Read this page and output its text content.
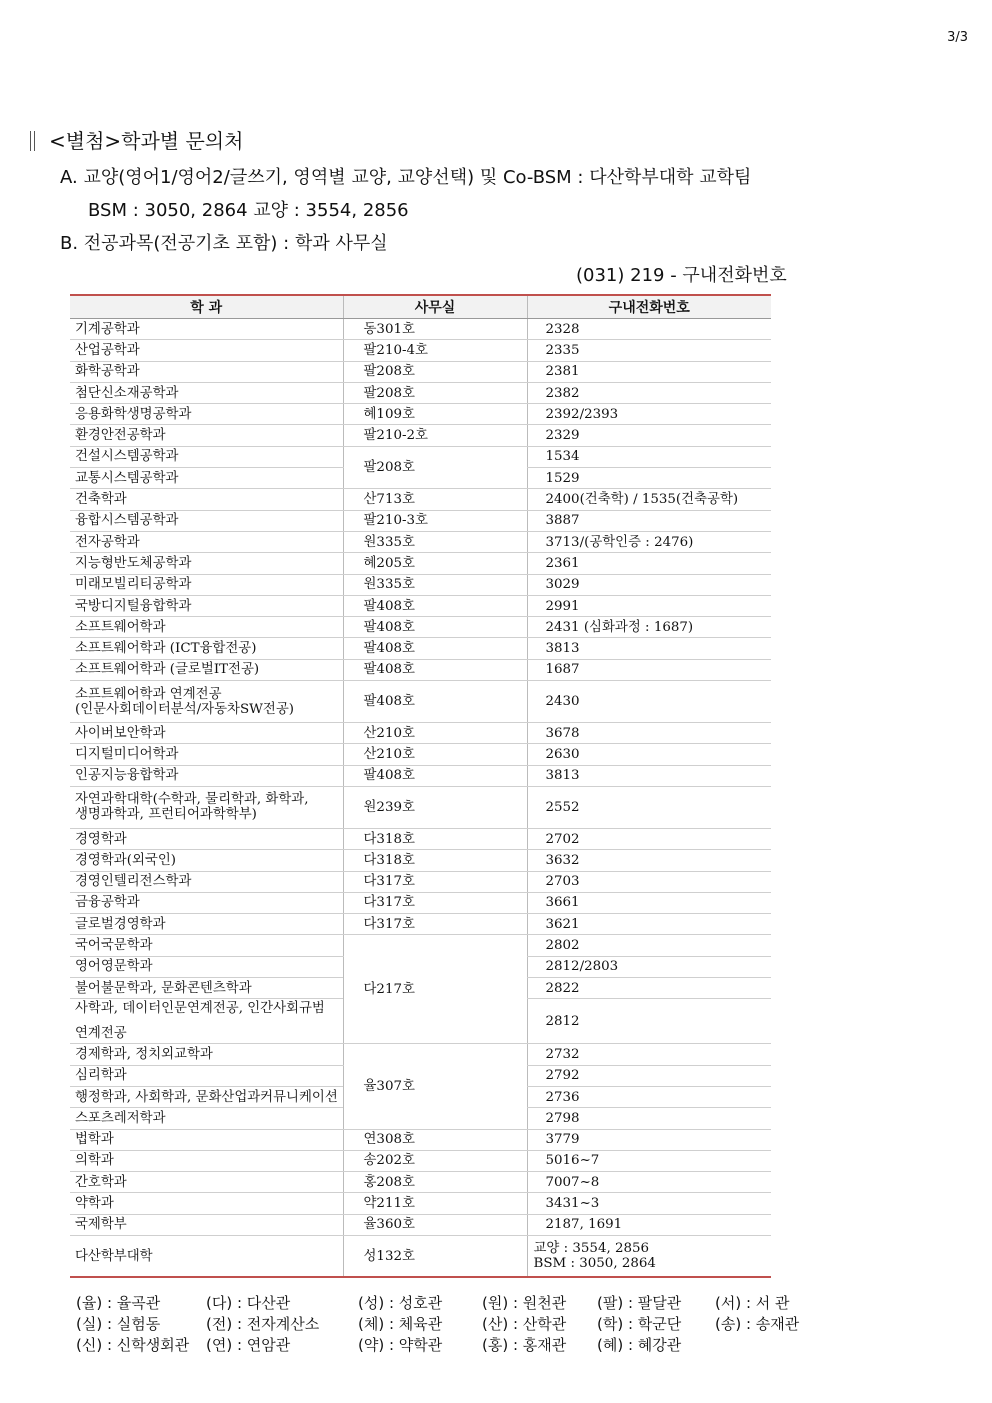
3/3
<별첨>학과별 문의처
A. 교양(영어1/영어2/글쓰기, 영역별 교양, 교양선택) 및 Co-BSM : 다산학부대학 교학팀
BSM : 3050, 2864 교양 : 3554, 2856
B. 전공과목(전공기초 포함) : 학과 사무실
(031) 219 - 구내전화번호
학 과	사무실	구내전화번호

기계공학과	동301호	2328

산업공학과	팔210-4호	2335

화학공학과	팔208호	2381

첨단신소재공학과	팔208호	2382

응용화학생명공학과	혜109호	2392/2393

환경안전공학과	팔210-2호	2329

건설시스템공학과	팔208호	1534

교통시스템공학과		1529

건축학과	산713호	2400(건축학) / 1535(건축공학)

융합시스템공학과	팔210-3호	3887

전자공학과	원335호	3713/(공학인증 : 2476)

지능형반도체공학과	혜205호	2361

미래모빌리티공학과	원335호	3029

국방디지털융합학과	팔408호	2991

소프트웨어학과	팔408호	2431 (심화과정 : 1687)

소프트웨어학과 (ICT융합전공)	팔408호	3813

소프트웨어학과 (글로벌IT전공)	팔408호	1687

소프트웨어학과 연계전공
(인문사회데이터분석/자동차SW전공)	팔408호	2430

사이버보안학과	산210호	3678

디지털미디어학과	산210호	2630

인공지능융합학과	팔408호	3813

자연과학대학(수학과, 물리학과, 화학과,
생명과학과, 프런티어과학학부)	원239호	2552

경영학과	다318호	2702

경영학과(외국인)	다318호	3632

경영인텔리전스학과	다317호	2703

금융공학과	다317호	3661

글로벌경영학과	다317호	3621

국어국문학과	다217호	2802

영어영문학과		2812/2803

불어불문학과, 문화콘텐츠학과		2822

사학과, 데이터인문연계전공, 인간사회규범
연계전공		2812

경제학과, 정치외교학과	율307호	2732

심리학과		2792

행정학과, 사회학과, 문화산업과커뮤니케이션		2736

스포츠레저학과		2798

법학과	연308호	3779

의학과	송202호	5016~7

간호학과	홍208호	7007~8

약학과	약211호	3431~3

국제학부	율360호	2187, 1691

다산학부대학	성132호	교양 : 3554, 2856
BSM : 3050, 2864
(율) : 율곡관	(다) : 다산관	(성) : 성호관	(원) : 원천관 (팔) : 팔달관 (서) : 서 관
(실) : 실험동	(전) : 전자계산소	(체) : 체육관	(산) : 산학관 (학) : 학군단 (송) : 송재관
(신) : 신학생회관 (연) : 연암관	(약) : 약학관	(홍) : 홍재관 (혜) : 혜강관
